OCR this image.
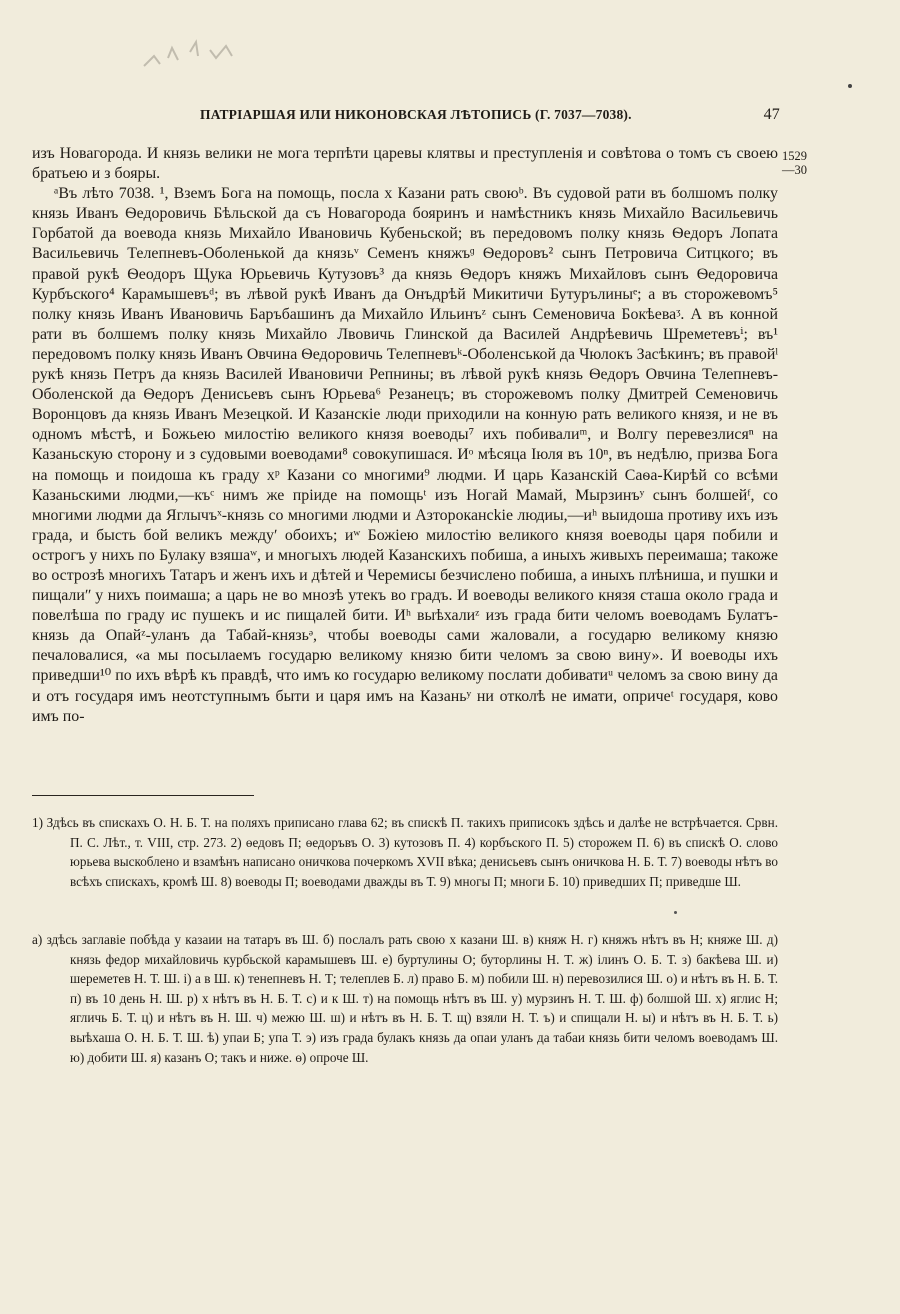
ПАТРІАРШАЯ ИЛИ НИКОНОВСКАЯ ЛѢТОПИСЬ (Г. 7037—7038).	47
1529
—30

изъ Новагорода. И князь велики не могa терпѣти царевы клятвы и преступленія и совѣтова о томъ съ своею братьею и з бояры.

ᵃВъ лѣто 7038. ¹, Вземъ Бога на помощь, посла х Казани рать своюᵇ. Въ судовой рати въ болшомъ полку князь Иванъ Ѳедоровичь Бѣльской да съ Новагорода бояринъ и намѣстникъ князь Михайло Васильевичь Горбатой да воевода князь Михайло Ивановичь Кубеньской; въ передовомъ полку князь Ѳедоръ Лопата Васильевичь Телепневъ-Оболенькой да князьᵛ Семенъ княжъᶢ Ѳедоровъ² сынъ Петровича Ситцкого; въ правой рукѣ Ѳеодоръ Щука Юрьевичь Кутузовъ³ да князь Ѳедоръ княжъ Михайловъ сынъ Ѳедоровича Курбъского⁴ Карамышевъᵈ; въ лѣвой рукѣ Иванъ да Онъдрѣй Микитичи Бутурълиныᵉ; а въ сторожевомъ⁵ полку князь Иванъ Ивановичь Баръбашинъ да Михайло Ильинъᶻ сынъ Семеновича Бокѣеваᶾ. А въ конной рати въ болшемъ полку князь Михайло Лвовичь Глинской да Василей Андрѣевичь Шреметевъⁱ; въ¹ передовомъ полку князь Иванъ Овчина Ѳедоровичь Телепневъᵏ-Оболенськой да Чюлокъ Засѣкинъ; въ правойˡ рукѣ князь Петръ да князь Василей Ивановичи Репнины; въ лѣвой рукѣ князь Ѳедоръ Овчина Телепневъ-Оболенской да Ѳедоръ Денисьевъ сынъ Юрьева⁶ Резанецъ; въ сторожевомъ полку Дмитрей Семеновичь Воронцовъ да князь Иванъ Мезецкой. И Казанскіе люди приходили на конную рать великого князя, и не въ одномъ мѣстѣ, и Божьею милостію великого князя воеводы⁷ ихъ побивалиᵐ, и Волгу перевезлисяⁿ на Казаньскую сторону и з судовыми воеводами⁸ совокупишася. Иᵒ мѣсяца Іюля въ 10ⁿ, въ недѣлю, призва Бога на помощь и поидоша къ граду хᵖ Казани со многими⁹ людми. И царь Казанскій Саѳа-Кирѣй со всѣми Казаньскими людми,—къᶜ нимъ же пріиде на помощьᵗ изъ Ногай Мамай, Мырзинъʸ сынъ болшейᶠ, со многими людми да Яглычъˣ-князь со многими людми и Азторокансkie людиы,—иʰ выидоша противу ихъ изъ града, и бысть бой великъ междуʹ обоихъ; иʷ Божіею милостію великого князя воеводы царя побили и острогъ у нихъ по Булаку взяшаʷ, и многыхъ людей Казанскихъ побиша, а иныхъ живыхъ переимаша; такоже во острозѣ многихъ Татаръ и женъ ихъ и дѣтей и Черемисы безчислено побиша, а иныхъ плѣниша, и пушки и пищалиʺ у нихъ поимаша; а царь не во мнозѣ утекъ во градъ. И воеводы великого князя сташа около града и повелѣша по граду ис пушекъ и ис пищалей бити. Иʰ выѣхалиᶻ изъ града бити челомъ воеводамъ Булатъ-князь да Опайᶻ-уланъ да Табай-князьᵊ, чтобы воеводы сами жаловали, а государю великому князю печаловалися, «а мы посылаемъ государю великому князю бити челомъ за свою вину». И воеводы ихъ приведши¹⁰ по ихъ вѣрѣ къ правдѣ, что имъ ко государю великому послати добиватиᵘ челомъ за свою вину да и отъ государя имъ неотступнымъ быти и царя имъ на Казаньʸ ни отколѣ не имати, опричеᵗ государя, ково имъ по-

1) Здѣсь въ спискахъ О. Н. Б. Т. на поляхъ приписано глава 62; въ спискѣ П. такихъ приписокъ здѣсь и далѣе не встрѣчается. Срвн. П. С. Лѣт., т. VIII, стр. 273. 2) ѳедовъ П; ѳедоръвъ О. 3) кутозовъ П. 4) корбъского П. 5) сторожем П. 6) въ спискѣ О. слово юрьева выскоблено и взамѣнъ написано оничкова почеркомъ XVII вѣка; денисьевъ сынъ оничкова Н. Б. Т. 7) воеводы нѣтъ во всѣхъ спискахъ, кромѣ Ш. 8) воеводы П; воеводами дважды въ Т. 9) многы П; многи Б. 10) приведших П; приведше Ш.

а) здѣсь заглавіе побѣда у казаии на татаръ въ Ш. б) послалъ рать свою х казани Ш. в) княж Н. г) княжъ нѣтъ въ Н; княже Ш. д) князь федор михайловичь курбьской карамышевъ Ш. е) буртулины О; буторлины Н. Т. ж) ілинъ О. Б. Т. з) бакѣева Ш. и) шереметев Н. Т. Ш. і) а в Ш. к) тенепневъ Н. Т; телеплев Б. л) право Б. м) побили Ш. н) перевозилися Ш. о) и нѣтъ въ Н. Б. Т. п) въ 10 день Н. Ш. р) х нѣтъ въ Н. Б. Т. с) и к Ш. т) на помощь нѣтъ въ Ш. у) мурзинъ Н. Т. Ш. ф) болшой Ш. х) яглис Н; ягличь Б. Т. ц) и нѣтъ въ Н. Ш. ч) межю Ш. ш) и нѣтъ въ Н. Б. Т. щ) взяли Н. Т. ъ) и спищали Н. ы) и нѣтъ въ Н. Б. Т. ь) выѣхаша О. Н. Б. Т. Ш. ѣ) упаи Б; упа Т. э) изъ града булакъ князь да опаи уланъ да табаи князь бити челомъ воеводамъ Ш. ю) добити Ш. я) казанъ О; такъ и ниже. ѳ) опроче Ш.
